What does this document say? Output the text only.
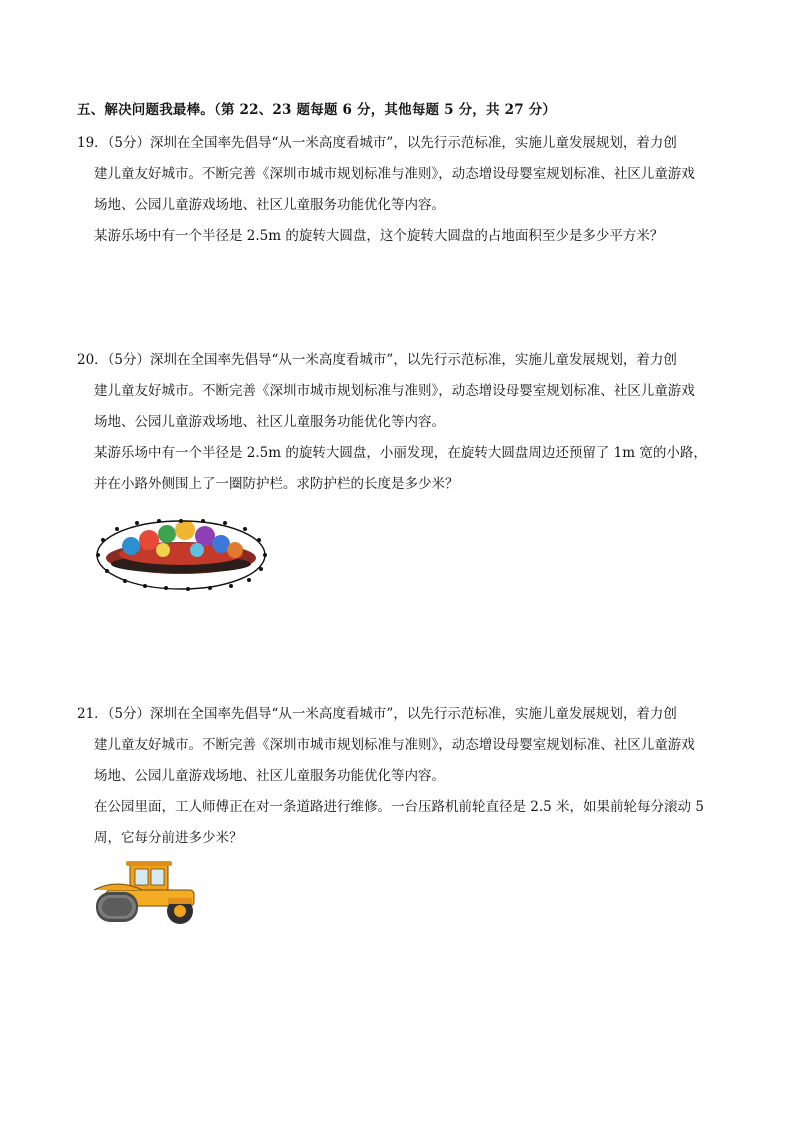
五、解决问题我最棒。（第 22、23 题每题 6 分，其他每题 5 分，共 27 分）
19．（5分）深圳在全国率先倡导“从一米高度看城市”，以先行示范标准，实施儿童发展规划，着力创
建儿童友好城市。不断完善《深圳市城市规划标准与准则》，动态增设母婴室规划标准、社区儿童游戏
场地、公园儿童游戏场地、社区儿童服务功能优化等内容。
某游乐场中有一个半径是 2.5m 的旋转大圆盘，这个旋转大圆盘的占地面积至少是多少平方米？
20．（5分）深圳在全国率先倡导“从一米高度看城市”，以先行示范标准，实施儿童发展规划，着力创
建儿童友好城市。不断完善《深圳市城市规划标准与准则》，动态增设母婴室规划标准、社区儿童游戏
场地、公园儿童游戏场地、社区儿童服务功能优化等内容。
某游乐场中有一个半径是 2.5m 的旋转大圆盘，小丽发现，在旋转大圆盘周边还预留了 1m 宽的小路，
并在小路外侧围上了一圈防护栏。求防护栏的长度是多少米？
21．（5分）深圳在全国率先倡导“从一米高度看城市”，以先行示范标准，实施儿童发展规划，着力创
建儿童友好城市。不断完善《深圳市城市规划标准与准则》，动态增设母婴室规划标准、社区儿童游戏
场地、公园儿童游戏场地、社区儿童服务功能优化等内容。
在公园里面，工人师傅正在对一条道路进行维修。一台压路机前轮直径是 2.5 米，如果前轮每分滚动 5
周，它每分前进多少米？
